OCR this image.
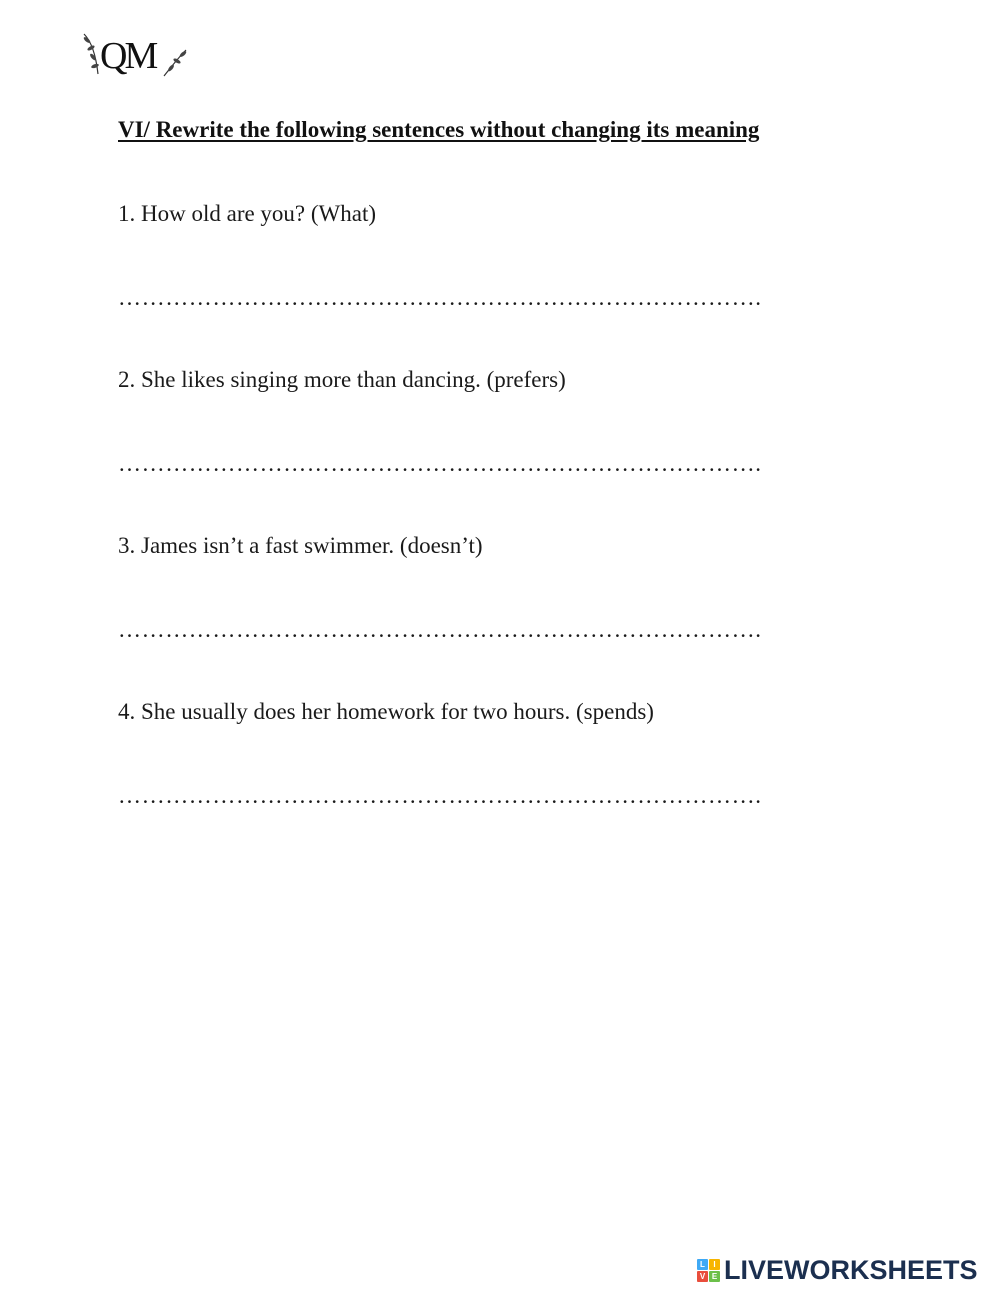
QM
VI/ Rewrite the following sentences without changing its meaning
1. How old are you? (What)
……………………………………………………………………….
2. She likes singing more than dancing. (prefers)
……………………………………………………………………….
3. James isn’t a fast swimmer. (doesn’t)
……………………………………………………………………….
4. She usually does her homework for two hours. (spends)
……………………………………………………………………….
L	I
V E LIVEWORKSHEETS
